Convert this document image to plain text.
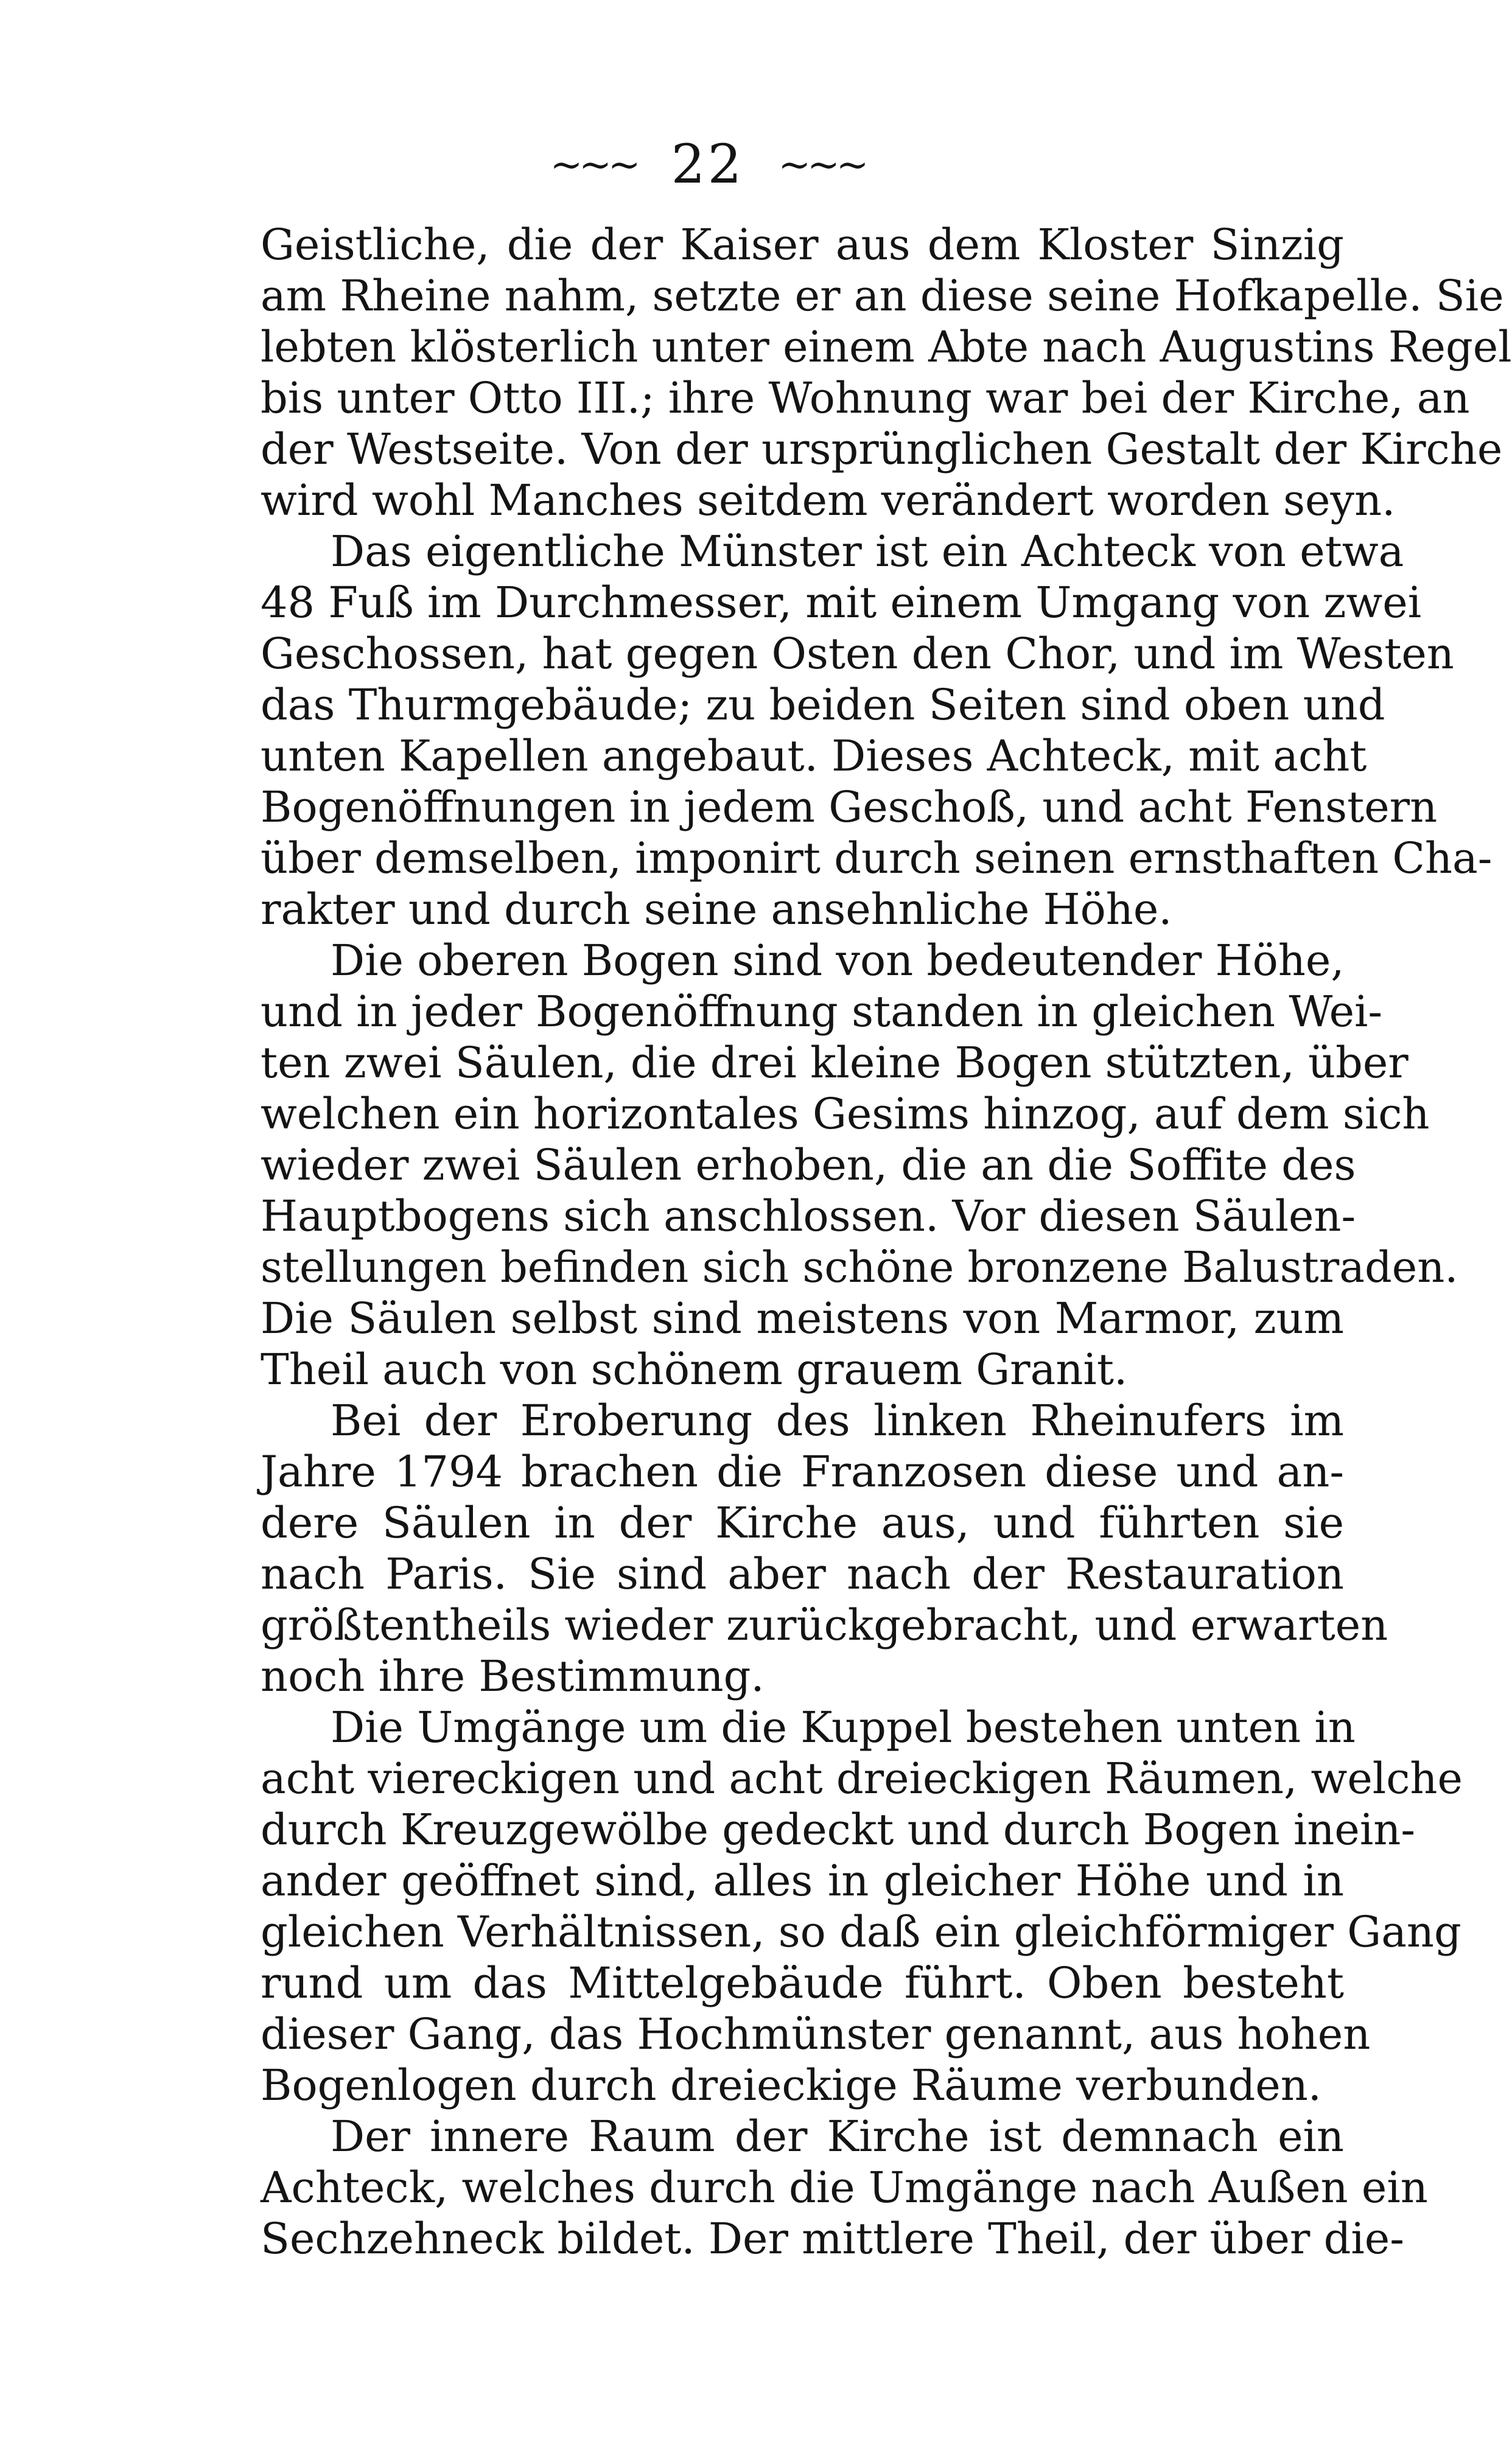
~~~ 22 ~~~
Geistliche, die der Kaiser aus dem Kloster Sinzig
am Rheine nahm, setzte er an diese seine Hofkapelle. Sie
lebten klösterlich unter einem Abte nach Augustins Regel
bis unter Otto III.; ihre Wohnung war bei der Kirche, an
der Westseite. Von der ursprünglichen Gestalt der Kirche
wird wohl Manches seitdem verändert worden seyn.
Das eigentliche Münster ist ein Achteck von etwa
48 Fuß im Durchmesser, mit einem Umgang von zwei
Geschossen, hat gegen Osten den Chor, und im Westen
das Thurmgebäude; zu beiden Seiten sind oben und
unten Kapellen angebaut. Dieses Achteck, mit acht
Bogenöffnungen in jedem Geschoß, und acht Fenstern
über demselben, imponirt durch seinen ernsthaften Cha-
rakter und durch seine ansehnliche Höhe.
Die oberen Bogen sind von bedeutender Höhe,
und in jeder Bogenöffnung standen in gleichen Wei-
ten zwei Säulen, die drei kleine Bogen stützten, über
welchen ein horizontales Gesims hinzog, auf dem sich
wieder zwei Säulen erhoben, die an die Soffite des
Hauptbogens sich anschlossen. Vor diesen Säulen-
stellungen befinden sich schöne bronzene Balustraden.
Die Säulen selbst sind meistens von Marmor, zum
Theil auch von schönem grauem Granit.
Bei der Eroberung des linken Rheinufers im
Jahre 1794 brachen die Franzosen diese und an-
dere Säulen in der Kirche aus, und führten sie
nach Paris. Sie sind aber nach der Restauration
größtentheils wieder zurückgebracht, und erwarten
noch ihre Bestimmung.
Die Umgänge um die Kuppel bestehen unten in
acht viereckigen und acht dreieckigen Räumen, welche
durch Kreuzgewölbe gedeckt und durch Bogen inein-
ander geöffnet sind, alles in gleicher Höhe und in
gleichen Verhältnissen, so daß ein gleichförmiger Gang
rund um das Mittelgebäude führt. Oben besteht
dieser Gang, das Hochmünster genannt, aus hohen
Bogenlogen durch dreieckige Räume verbunden.
Der innere Raum der Kirche ist demnach ein
Achteck, welches durch die Umgänge nach Außen ein
Sechzehneck bildet. Der mittlere Theil, der über die-
